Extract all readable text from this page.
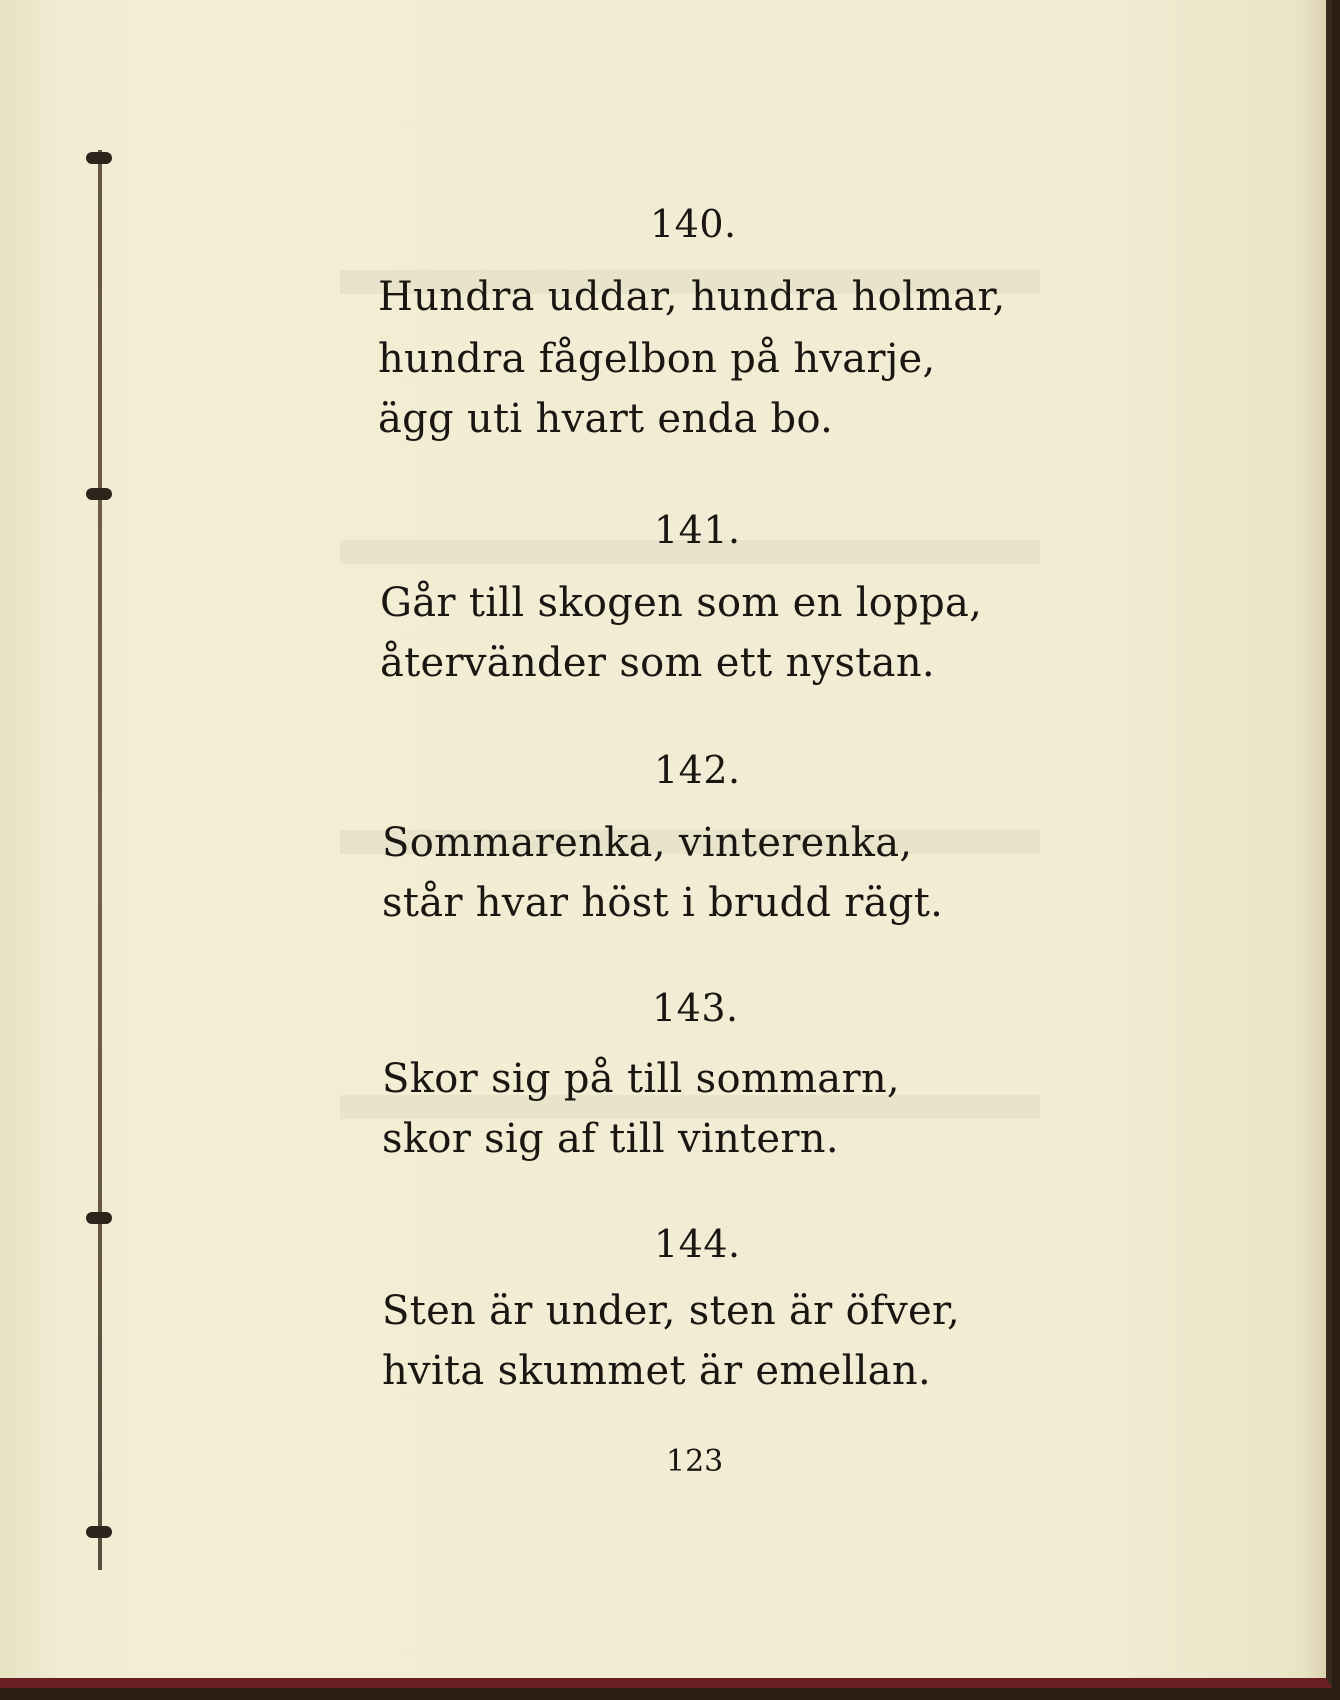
140.
Hundra uddar, hundra holmar,
hundra fågelbon på hvarje,
ägg uti hvart enda bo.
141.
Går till skogen som en loppa,
återvänder som ett nystan.
142.
Sommarenka, vinterenka,
står hvar höst i brudd rägt.
143.
Skor sig på till sommarn,
skor sig af till vintern.
144.
Sten är under, sten är öfver,
hvita skummet är emellan.
123
